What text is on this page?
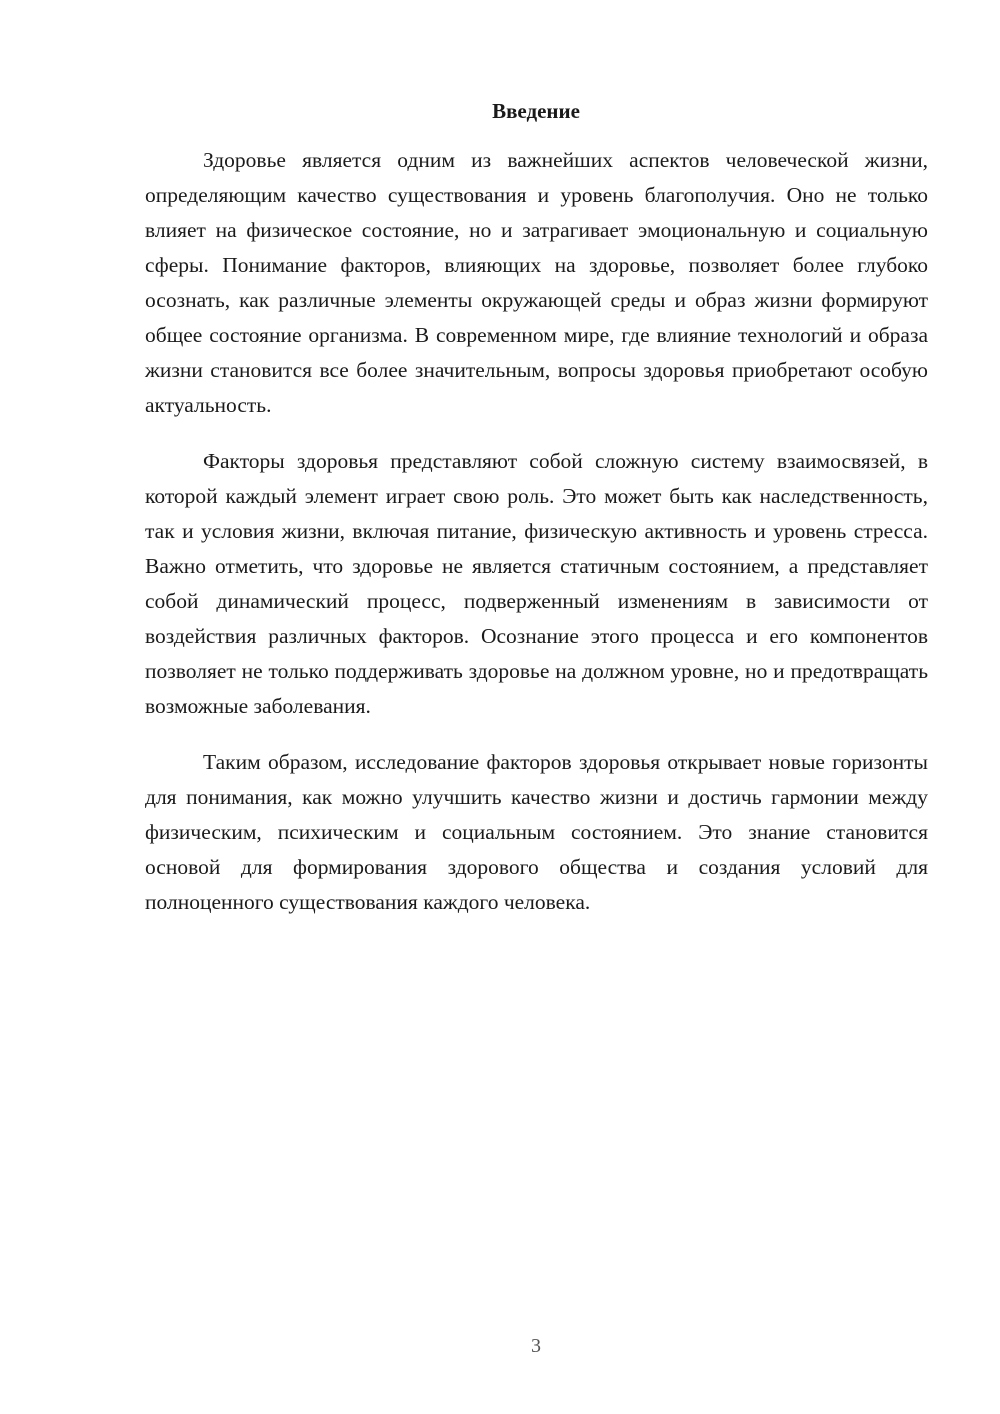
Введение

Здоровье является одним из важнейших аспектов человеческой жизни, определяющим качество существования и уровень благополучия. Оно не только влияет на физическое состояние, но и затрагивает эмоциональную и социальную сферы. Понимание факторов, влияющих на здоровье, позволяет более глубоко осознать, как различные элементы окружающей среды и образ жизни формируют общее состояние организма. В современном мире, где влияние технологий и образа жизни становится все более значительным, вопросы здоровья приобретают особую актуальность.

Факторы здоровья представляют собой сложную систему взаимосвязей, в которой каждый элемент играет свою роль. Это может быть как наследственность, так и условия жизни, включая питание, физическую активность и уровень стресса. Важно отметить, что здоровье не является статичным состоянием, а представляет собой динамический процесс, подверженный изменениям в зависимости от воздействия различных факторов. Осознание этого процесса и его компонентов позволяет не только поддерживать здоровье на должном уровне, но и предотвращать возможные заболевания.

Таким образом, исследование факторов здоровья открывает новые горизонты для понимания, как можно улучшить качество жизни и достичь гармонии между физическим, психическим и социальным состоянием. Это знание становится основой для формирования здорового общества и создания условий для полноценного существования каждого человека.

3
